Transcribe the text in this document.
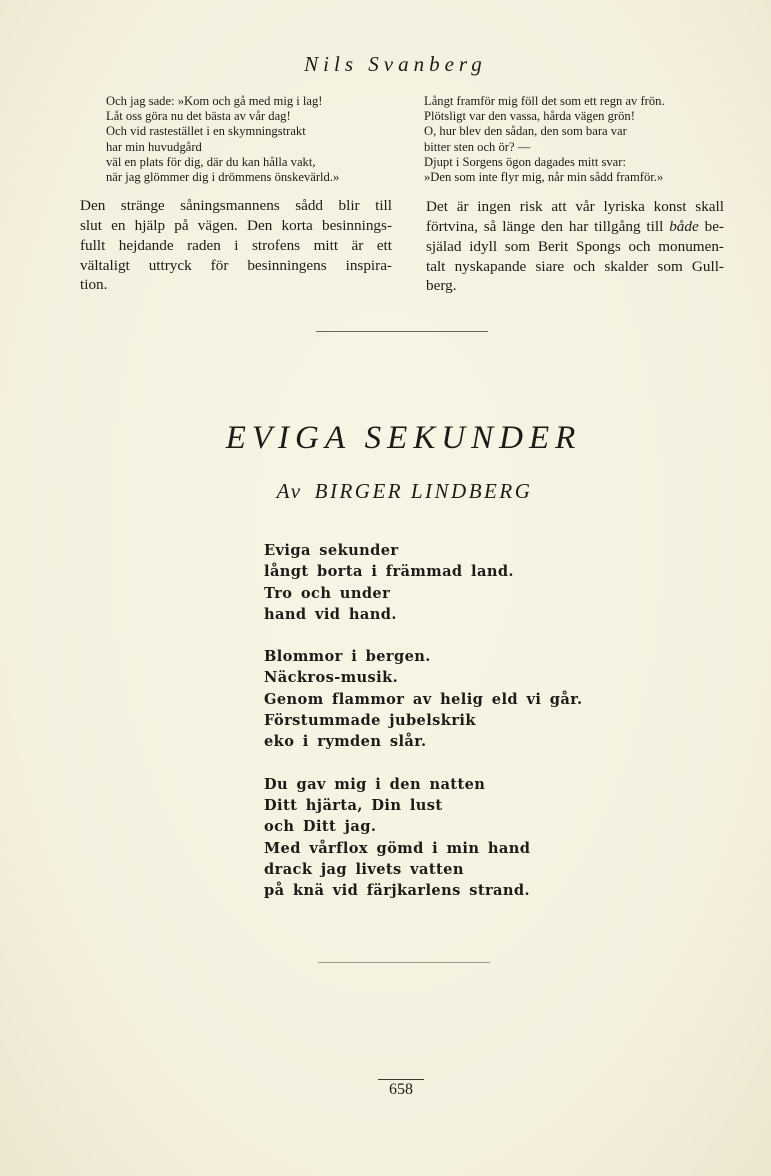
Nils Svanberg
Och jag sade: »Kom och gå med mig i lag!
Låt oss göra nu det bästa av vår dag!
Och vid rastestället i en skymningstrakt
har min huvudgård
väl en plats för dig, där du kan hålla vakt,
när jag glömmer dig i drömmens önskevärld.»
Den stränge såningsmannens sådd blir till
slut en hjälp på vägen. Den korta besinnings-
fullt hejdande raden i strofens mitt är ett
vältaligt uttryck för besinningens inspira-
tion.
Långt framför mig föll det som ett regn av frön.
Plötsligt var den vassa, hårda vägen grön!
O, hur blev den sådan, den som bara var
bitter sten och ör? —
Djupt i Sorgens ögon dagades mitt svar:
»Den som inte flyr mig, når min sådd framför.»
Det är ingen risk att vår lyriska konst skall
förtvina, så länge den har tillgång till både be-
själad idyll som Berit Spongs och monumen-
talt nyskapande siare och skalder som Gull-
berg.
EVIGA SEKUNDER
Av BIRGER LINDBERG
Eviga sekunder
långt borta i främmad land.
Tro och under
hand vid hand.
Blommor i bergen.
Näckros-musik.
Genom flammor av helig eld vi går.
Förstummade jubelskrik
eko i rymden slår.
Du gav mig i den natten
Ditt hjärta, Din lust
och Ditt jag.
Med vårflox gömd i min hand
drack jag livets vatten
på knä vid färjkarlens strand.
658
